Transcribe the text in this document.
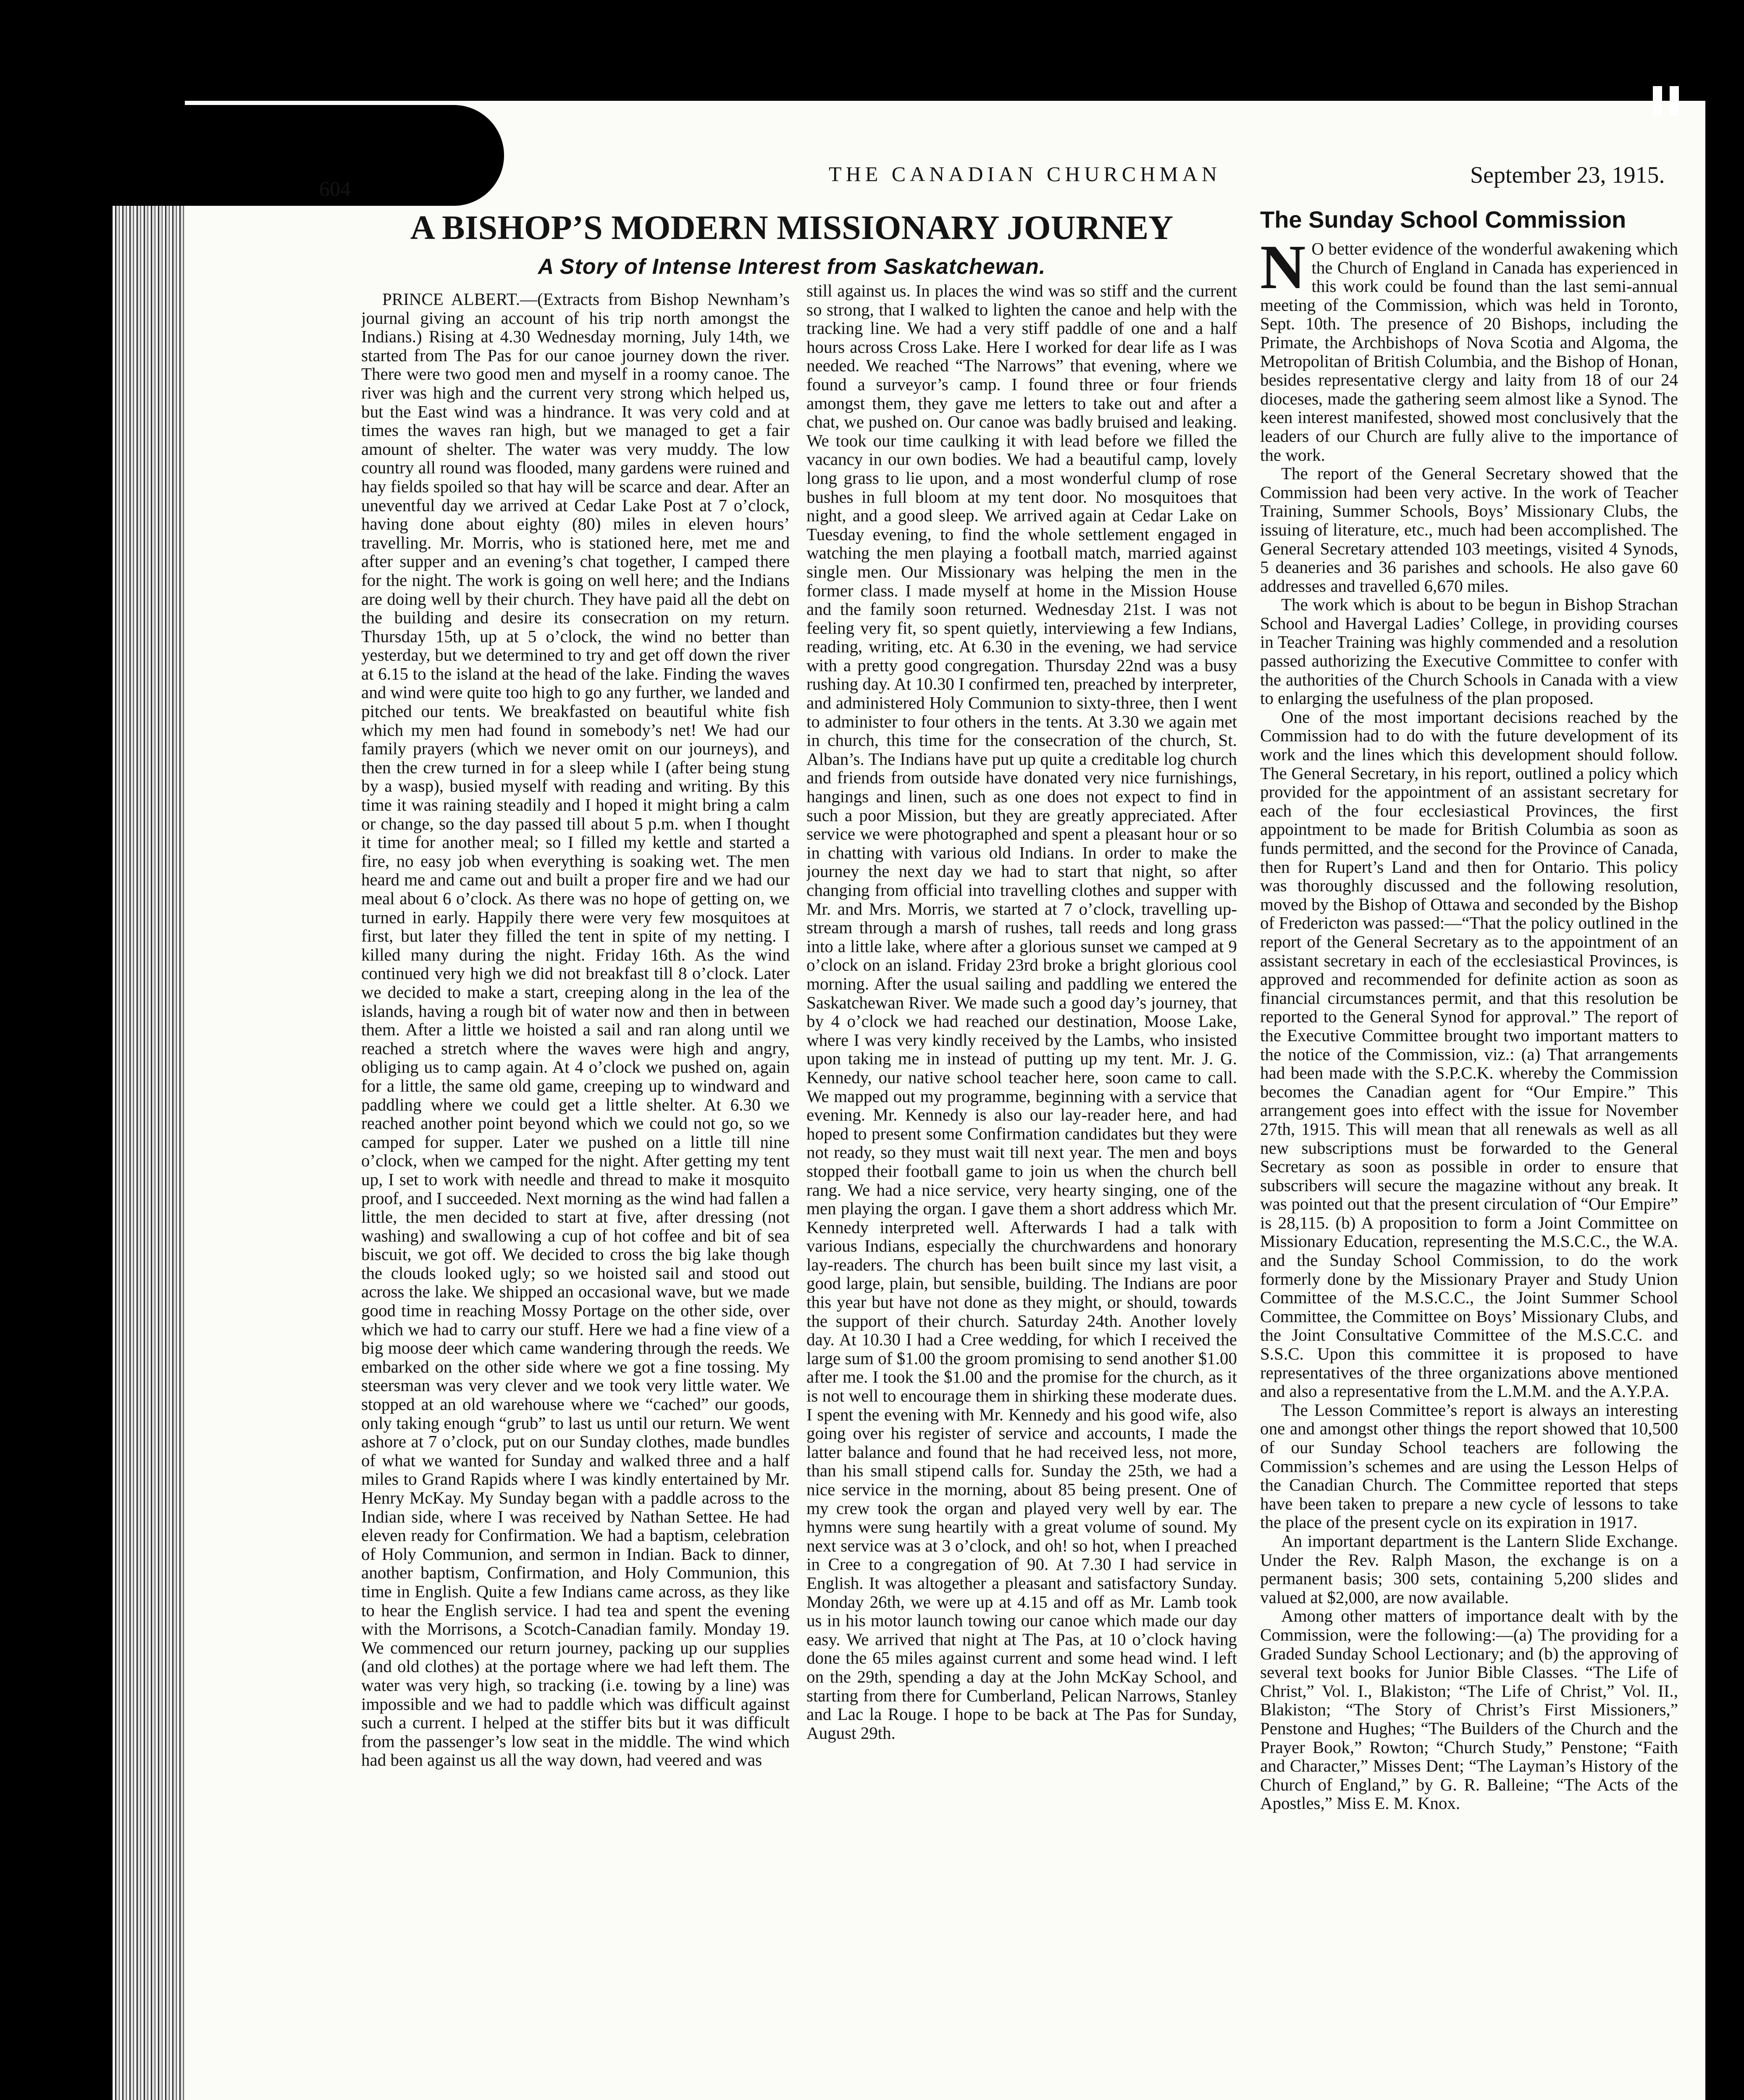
604
THE CANADIAN CHURCHMAN	September 23, 1915.
A BISHOP’S MODERN MISSIONARY JOURNEY
A Story of Intense Interest from Saskatchewan.

PRINCE ALBERT.—(Extracts from Bishop Newnham’s journal giving an account of his trip north amongst the Indians.) Rising at 4.30 Wednesday morning, July 14th, we started from The Pas for our canoe journey down the river. There were two good men and myself in a roomy canoe. The river was high and the current very strong which helped us, but the East wind was a hindrance. It was very cold and at times the waves ran high, but we managed to get a fair amount of shelter. The water was very muddy. The low country all round was flooded, many gardens were ruined and hay fields spoiled so that hay will be scarce and dear. After an uneventful day we arrived at Cedar Lake Post at 7 o’clock, having done about eighty (80) miles in eleven hours’ travelling. Mr. Morris, who is stationed here, met me and after supper and an evening’s chat together, I camped there for the night. The work is going on well here; and the Indians are doing well by their church. They have paid all the debt on the building and desire its consecration on my return. Thursday 15th, up at 5 o’clock, the wind no better than yesterday, but we determined to try and get off down the river at 6.15 to the island at the head of the lake. Finding the waves and wind were quite too high to go any further, we landed and pitched our tents. We breakfasted on beautiful white fish which my men had found in somebody’s net! We had our family prayers (which we never omit on our journeys), and then the crew turned in for a sleep while I (after being stung by a wasp), busied myself with reading and writing. By this time it was raining steadily and I hoped it might bring a calm or change, so the day passed till about 5 p.m. when I thought it time for another meal; so I filled my kettle and started a fire, no easy job when everything is soaking wet. The men heard me and came out and built a proper fire and we had our meal about 6 o’clock. As there was no hope of getting on, we turned in early. Happily there were very few mosquitoes at first, but later they filled the tent in spite of my netting. I killed many during the night. Friday 16th. As the wind continued very high we did not breakfast till 8 o’clock. Later we decided to make a start, creeping along in the lea of the islands, having a rough bit of water now and then in between them. After a little we hoisted a sail and ran along until we reached a stretch where the waves were high and angry, obliging us to camp again. At 4 o’clock we pushed on, again for a little, the same old game, creeping up to windward and paddling where we could get a little shelter. At 6.30 we reached another point beyond which we could not go, so we camped for supper. Later we pushed on a little till nine o’clock, when we camped for the night. After getting my tent up, I set to work with needle and thread to make it mosquito proof, and I succeeded. Next morning as the wind had fallen a little, the men decided to start at five, after dressing (not washing) and swallowing a cup of hot coffee and bit of sea biscuit, we got off. We decided to cross the big lake though the clouds looked ugly; so we hoisted sail and stood out across the lake. We shipped an occasional wave, but we made good time in reaching Mossy Portage on the other side, over which we had to carry our stuff. Here we had a fine view of a big moose deer which came wandering through the reeds. We embarked on the other side where we got a fine tossing. My steersman was very clever and we took very little water. We stopped at an old warehouse where we “cached” our goods, only taking enough “grub” to last us until our return. We went ashore at 7 o’clock, put on our Sunday clothes, made bundles of what we wanted for Sunday and walked three and a half miles to Grand Rapids where I was kindly entertained by Mr. Henry McKay. My Sunday began with a paddle across to the Indian side, where I was received by Nathan Settee. He had eleven ready for Confirmation. We had a baptism, celebration of Holy Communion, and sermon in Indian. Back to dinner, another baptism, Confirmation, and Holy Communion, this time in English. Quite a few Indians came across, as they like to hear the English service. I had tea and spent the evening with the Morrisons, a Scotch-Canadian family. Monday 19. We commenced our return journey, packing up our supplies (and old clothes) at the portage where we had left them. The water was very high, so tracking (i.e. towing by a line) was impossible and we had to paddle which was difficult against such a current. I helped at the stiffer bits but it was difficult from the passenger’s low seat in the middle. The wind which had been against us all the way down, had veered and was

still against us. In places the wind was so stiff and the current so strong, that I walked to lighten the canoe and help with the tracking line. We had a very stiff paddle of one and a half hours across Cross Lake. Here I worked for dear life as I was needed. We reached “The Narrows” that evening, where we found a surveyor’s camp. I found three or four friends amongst them, they gave me letters to take out and after a chat, we pushed on. Our canoe was badly bruised and leaking. We took our time caulking it with lead before we filled the vacancy in our own bodies. We had a beautiful camp, lovely long grass to lie upon, and a most wonderful clump of rose bushes in full bloom at my tent door. No mosquitoes that night, and a good sleep. We arrived again at Cedar Lake on Tuesday evening, to find the whole settlement engaged in watching the men playing a football match, married against single men. Our Missionary was helping the men in the former class. I made myself at home in the Mission House and the family soon returned. Wednesday 21st. I was not feeling very fit, so spent quietly, interviewing a few Indians, reading, writing, etc. At 6.30 in the evening, we had service with a pretty good congregation. Thursday 22nd was a busy rushing day. At 10.30 I confirmed ten, preached by interpreter, and administered Holy Communion to sixty-three, then I went to administer to four others in the tents. At 3.30 we again met in church, this time for the consecration of the church, St. Alban’s. The Indians have put up quite a creditable log church and friends from outside have donated very nice furnishings, hangings and linen, such as one does not expect to find in such a poor Mission, but they are greatly appreciated. After service we were photographed and spent a pleasant hour or so in chatting with various old Indians. In order to make the journey the next day we had to start that night, so after changing from official into travelling clothes and supper with Mr. and Mrs. Morris, we started at 7 o’clock, travelling up-stream through a marsh of rushes, tall reeds and long grass into a little lake, where after a glorious sunset we camped at 9 o’clock on an island. Friday 23rd broke a bright glorious cool morning. After the usual sailing and paddling we entered the Saskatchewan River. We made such a good day’s journey, that by 4 o’clock we had reached our destination, Moose Lake, where I was very kindly received by the Lambs, who insisted upon taking me in instead of putting up my tent. Mr. J. G. Kennedy, our native school teacher here, soon came to call. We mapped out my programme, beginning with a service that evening. Mr. Kennedy is also our lay-reader here, and had hoped to present some Confirmation candidates but they were not ready, so they must wait till next year. The men and boys stopped their football game to join us when the church bell rang. We had a nice service, very hearty singing, one of the men playing the organ. I gave them a short address which Mr. Kennedy interpreted well. Afterwards I had a talk with various Indians, especially the churchwardens and honorary lay-readers. The church has been built since my last visit, a good large, plain, but sensible, building. The Indians are poor this year but have not done as they might, or should, towards the support of their church. Saturday 24th. Another lovely day. At 10.30 I had a Cree wedding, for which I received the large sum of $1.00 the groom promising to send another $1.00 after me. I took the $1.00 and the promise for the church, as it is not well to encourage them in shirking these moderate dues. I spent the evening with Mr. Kennedy and his good wife, also going over his register of service and accounts, I made the latter balance and found that he had received less, not more, than his small stipend calls for. Sunday the 25th, we had a nice service in the morning, about 85 being present. One of my crew took the organ and played very well by ear. The hymns were sung heartily with a great volume of sound. My next service was at 3 o’clock, and oh! so hot, when I preached in Cree to a congregation of 90. At 7.30 I had service in English. It was altogether a pleasant and satisfactory Sunday. Monday 26th, we were up at 4.15 and off as Mr. Lamb took us in his motor launch towing our canoe which made our day easy. We arrived that night at The Pas, at 10 o’clock having done the 65 miles against current and some head wind. I left on the 29th, spending a day at the John McKay School, and starting from there for Cumberland, Pelican Narrows, Stanley and Lac la Rouge. I hope to be back at The Pas for Sunday, August 29th.

The Sunday School Commission

N O better evidence of the wonderful awakening which the Church of England in Canada has experienced in this work could be found than the last semi-annual meeting of the Commission, which was held in Toronto, Sept. 10th. The presence of 20 Bishops, including the Primate, the Archbishops of Nova Scotia and Algoma, the Metropolitan of British Columbia, and the Bishop of Honan, besides representative clergy and laity from 18 of our 24 dioceses, made the gathering seem almost like a Synod. The keen interest manifested, showed most conclusively that the leaders of our Church are fully alive to the importance of the work.

The report of the General Secretary showed that the Commission had been very active. In the work of Teacher Training, Summer Schools, Boys’ Missionary Clubs, the issuing of literature, etc., much had been accomplished. The General Secretary attended 103 meetings, visited 4 Synods, 5 deaneries and 36 parishes and schools. He also gave 60 addresses and travelled 6,670 miles.

The work which is about to be begun in Bishop Strachan School and Havergal Ladies’ College, in providing courses in Teacher Training was highly commended and a resolution passed authorizing the Executive Committee to confer with the authorities of the Church Schools in Canada with a view to enlarging the usefulness of the plan proposed.

One of the most important decisions reached by the Commission had to do with the future development of its work and the lines which this development should follow. The General Secretary, in his report, outlined a policy which provided for the appointment of an assistant secretary for each of the four ecclesiastical Provinces, the first appointment to be made for British Columbia as soon as funds permitted, and the second for the Province of Canada, then for Rupert’s Land and then for Ontario. This policy was thoroughly discussed and the following resolution, moved by the Bishop of Ottawa and seconded by the Bishop of Fredericton was passed:—“That the policy outlined in the report of the General Secretary as to the appointment of an assistant secretary in each of the ecclesiastical Provinces, is approved and recommended for definite action as soon as financial circumstances permit, and that this resolution be reported to the General Synod for approval.” The report of the Executive Committee brought two important matters to the notice of the Commission, viz.: (a) That arrangements had been made with the S.P.C.K. whereby the Commission becomes the Canadian agent for “Our Empire.” This arrangement goes into effect with the issue for November 27th, 1915. This will mean that all renewals as well as all new subscriptions must be forwarded to the General Secretary as soon as possible in order to ensure that subscribers will secure the magazine without any break. It was pointed out that the present circulation of “Our Empire” is 28,115. (b) A proposition to form a Joint Committee on Missionary Education, representing the M.S.C.C., the W.A. and the Sunday School Commission, to do the work formerly done by the Missionary Prayer and Study Union Committee of the M.S.C.C., the Joint Summer School Committee, the Committee on Boys’ Missionary Clubs, and the Joint Consultative Committee of the M.S.C.C. and S.S.C. Upon this committee it is proposed to have representatives of the three organizations above mentioned and also a representative from the L.M.M. and the A.Y.P.A.

The Lesson Committee’s report is always an interesting one and amongst other things the report showed that 10,500 of our Sunday School teachers are following the Commission’s schemes and are using the Lesson Helps of the Canadian Church. The Committee reported that steps have been taken to prepare a new cycle of lessons to take the place of the present cycle on its expiration in 1917.

An important department is the Lantern Slide Exchange. Under the Rev. Ralph Mason, the exchange is on a permanent basis; 300 sets, containing 5,200 slides and valued at $2,000, are now available.

Among other matters of importance dealt with by the Commission, were the following:—(a) The providing for a Graded Sunday School Lectionary; and (b) the approving of several text books for Junior Bible Classes. “The Life of Christ,” Vol. I., Blakiston; “The Life of Christ,” Vol. II., Blakiston; “The Story of Christ’s First Missioners,” Penstone and Hughes; “The Builders of the Church and the Prayer Book,” Rowton; “Church Study,” Penstone; “Faith and Character,” Misses Dent; “The Layman’s History of the Church of England,” by G. R. Balleine; “The Acts of the Apostles,” Miss E. M. Knox.
